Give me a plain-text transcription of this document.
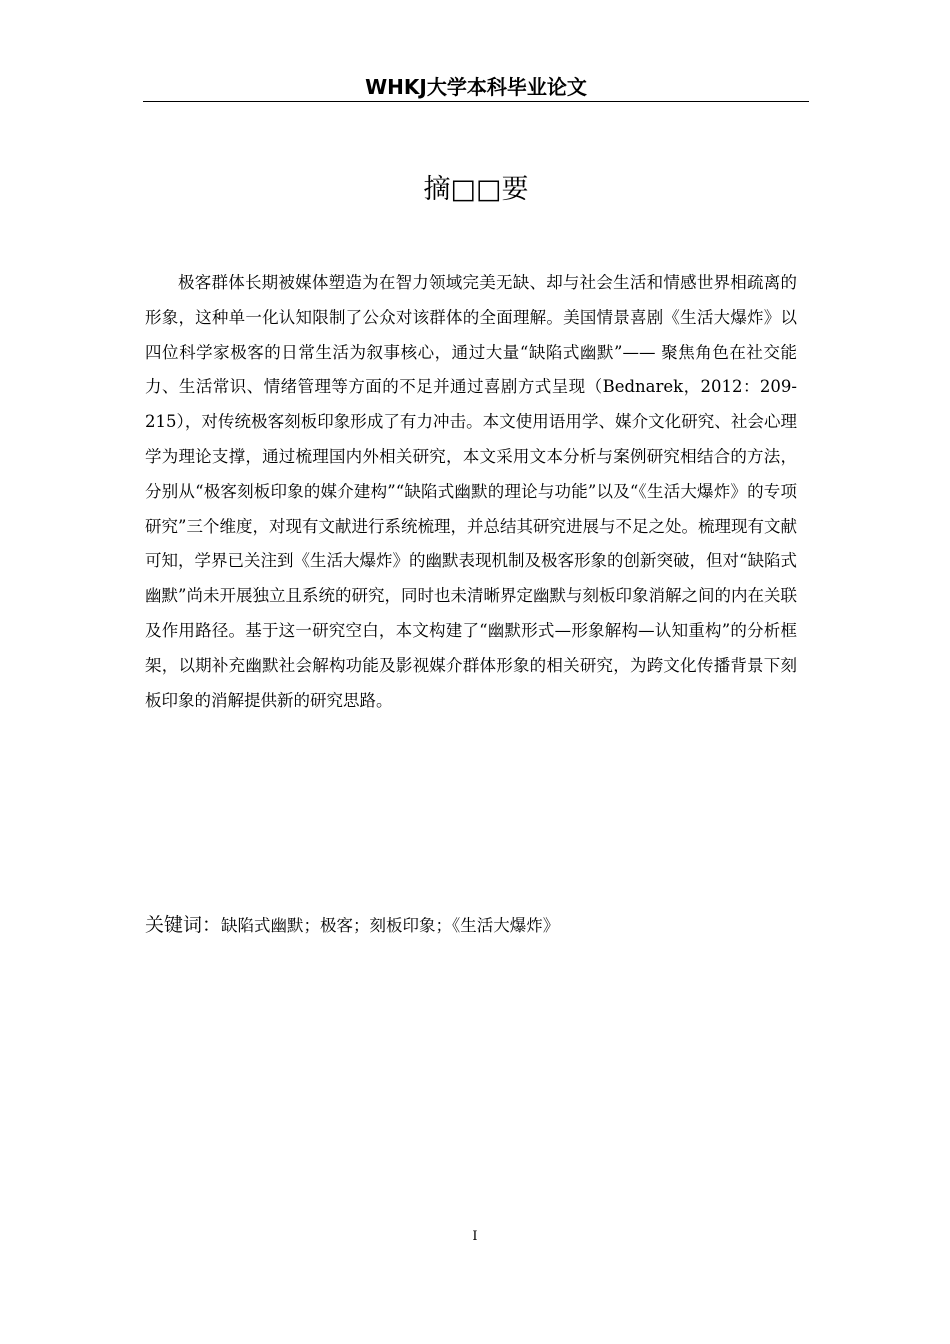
WHKJ大学本科毕业论文
摘□□要

极客群体长期被媒体塑造为在智力领域完美无缺、却与社会生活和情感世界相疏离的形象，这种单一化认知限制了公众对该群体的全面理解。美国情景喜剧《生活大爆炸》以四位科学家极客的日常生活为叙事核心，通过大量“缺陷式幽默”—— 聚焦角色在社交能力、生活常识、情绪管理等方面的不足并通过喜剧方式呈现（Bednarek，2012：209-215），对传统极客刻板印象形成了有力冲击。本文使用语用学、媒介文化研究、社会心理学为理论支撑，通过梳理国内外相关研究，本文采用文本分析与案例研究相结合的方法，分别从“极客刻板印象的媒介建构”“缺陷式幽默的理论与功能”以及“《生活大爆炸》的专项研究”三个维度，对现有文献进行系统梳理，并总结其研究进展与不足之处。梳理现有文献可知，学界已关注到《生活大爆炸》的幽默表现机制及极客形象的创新突破，但对“缺陷式幽默”尚未开展独立且系统的研究，同时也未清晰界定幽默与刻板印象消解之间的内在关联及作用路径。基于这一研究空白，本文构建了“幽默形式—形象解构—认知重构”的分析框架，以期补充幽默社会解构功能及影视媒介群体形象的相关研究，为跨文化传播背景下刻板印象的消解提供新的研究思路。

关键词：缺陷式幽默；极客；刻板印象；《生活大爆炸》
I
